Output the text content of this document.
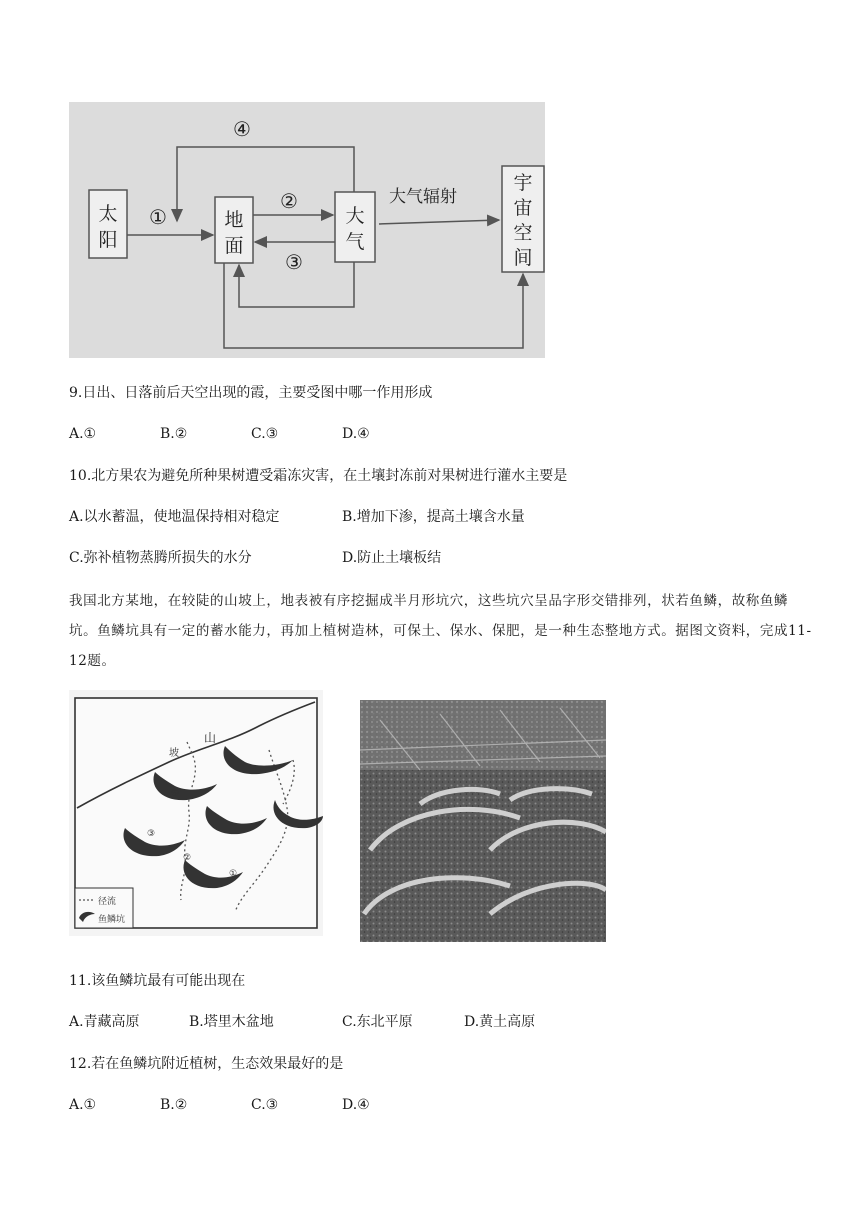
太
阳
地
面
大
气
宇
宙
空
间
大气辐射
①
②
③
④
9.日出、日落前后天空出现的霞，主要受图中哪一作用形成
A.①	B.②	C.③	D.④
10.北方果农为避免所种果树遭受霜冻灾害，在土壤封冻前对果树进行灌水主要是
A.以水蓄温，使地温保持相对稳定	B.增加下渗，提高土壤含水量
C.弥补植物蒸腾所损失的水分	D.防止土壤板结
我国北方某地，在较陡的山坡上，地表被有序挖掘成半月形坑穴，这些坑穴呈品字形交错排列，状若鱼鳞，故称鱼鳞坑。鱼鳞坑具有一定的蓄水能力，再加上植树造林，可保土、保水、保肥，是一种生态整地方式。据图文资料，完成11-12题。
山
坡
④
③
②
①
径流
鱼鳞坑
11.该鱼鳞坑最有可能出现在
A.青藏高原	B.塔里木盆地	C.东北平原	D.黄土高原
12.若在鱼鳞坑附近植树，生态效果最好的是
A.①	B.②	C.③	D.④
